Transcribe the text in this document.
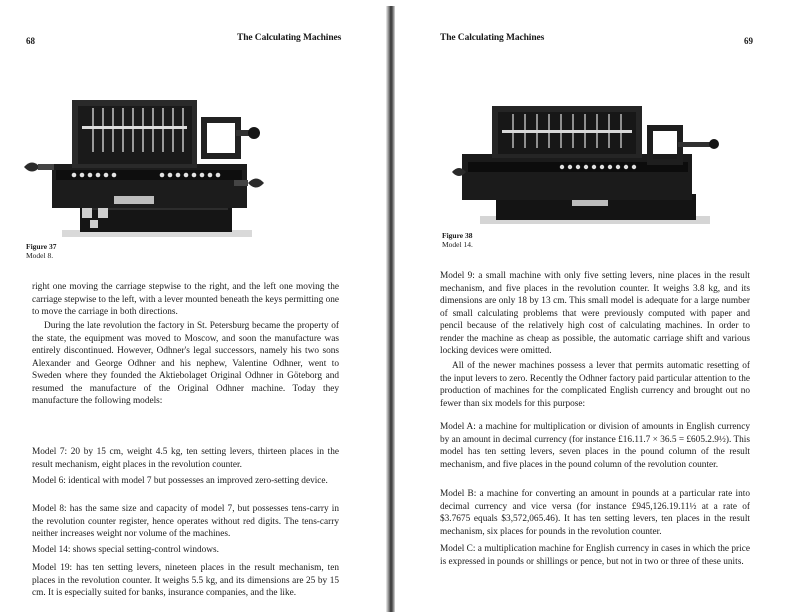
68	The Calculating Machines
Figure 37
Model 8.

right one moving the carriage stepwise to the right, and the left one moving the carriage stepwise to the left, with a lever mounted beneath the keys permitting one to move the carriage in both directions.

During the late revolution the factory in St. Petersburg became the property of the state, the equipment was moved to Moscow, and soon the manufacture was entirely discontinued. However, Odhner's legal successors, namely his two sons Alexander and George Odhner and his nephew, Valentine Odhner, went to Sweden where they founded the Aktiebolaget Original Odhner in Göteborg and resumed the manufacture of the Original Odhner machine. Today they manufacture the following models:

Model 7: 20 by 15 cm, weight 4.5 kg, ten setting levers, thirteen places in the result mechanism, eight places in the revolution counter.

Model 6: identical with model 7 but possesses an improved zero-setting device.

Model 8: has the same size and capacity of model 7, but possesses tens-carry in the revolution counter register, hence operates without red digits. The tens-carry neither increases weight nor volume of the machines.

Model 14: shows special setting-control windows.

Model 19: has ten setting levers, nineteen places in the result mechanism, ten places in the revolution counter. It weighs 5.5 kg, and its dimensions are 25 by 15 cm. It is especially suited for banks, insurance companies, and the like.

The Calculating Machines	69
Figure 38
Model 14.

Model 9: a small machine with only five setting levers, nine places in the result mechanism, and five places in the revolution counter. It weighs 3.8 kg, and its dimensions are only 18 by 13 cm. This small model is adequate for a large number of small calculating problems that were previously computed with paper and pencil because of the relatively high cost of calculating machines. In order to render the machine as cheap as possible, the automatic carriage shift and various locking devices were omitted.

All of the newer machines possess a lever that permits automatic resetting of the input levers to zero. Recently the Odhner factory paid particular attention to the production of machines for the complicated English currency and brought out no fewer than six models for this purpose:

Model A: a machine for multiplication or division of amounts in English currency by an amount in decimal currency (for instance £16.11.7 × 36.5 = £605.2.9½). This model has ten setting levers, seven places in the pound column of the result mechanism, and five places in the pound column of the revolution counter.

Model B: a machine for converting an amount in pounds at a particular rate into decimal currency and vice versa (for instance £945,126.19.11½ at a rate of $3.7675 equals $3,572,065.46). It has ten setting levers, ten places in the result mechanism, six places for pounds in the revolution counter.

Model C: a multiplication machine for English currency in cases in which the price is expressed in pounds or shillings or pence, but not in two or three of these units.
